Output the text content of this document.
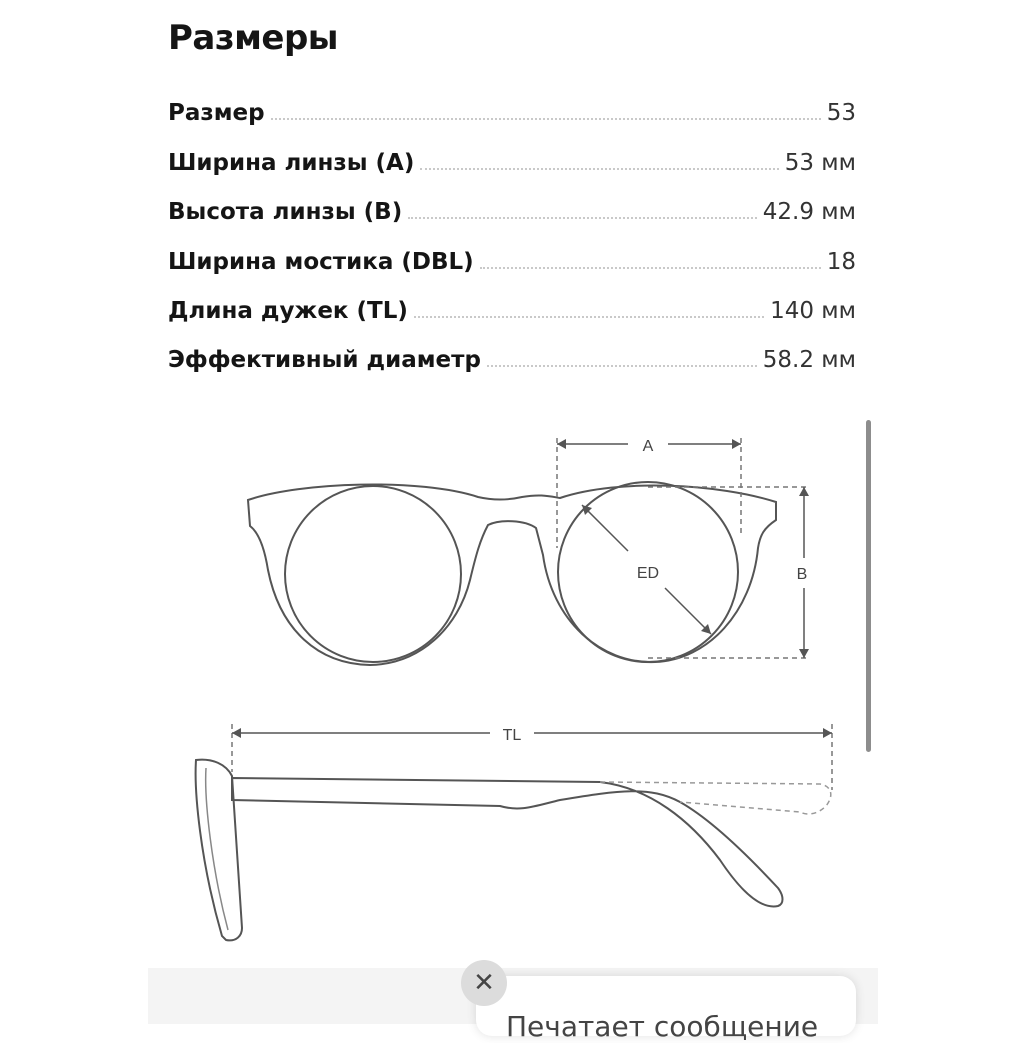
Размеры
Размер	53
Ширина линзы (A)	53 мм
Высота линзы (B)	42.9 мм
Ширина мостика (DBL)	18
Длина дужек (TL)	140 мм
Эффективный диаметр	58.2 мм
A
B
ED
TL
Печатает сообщение
✕
